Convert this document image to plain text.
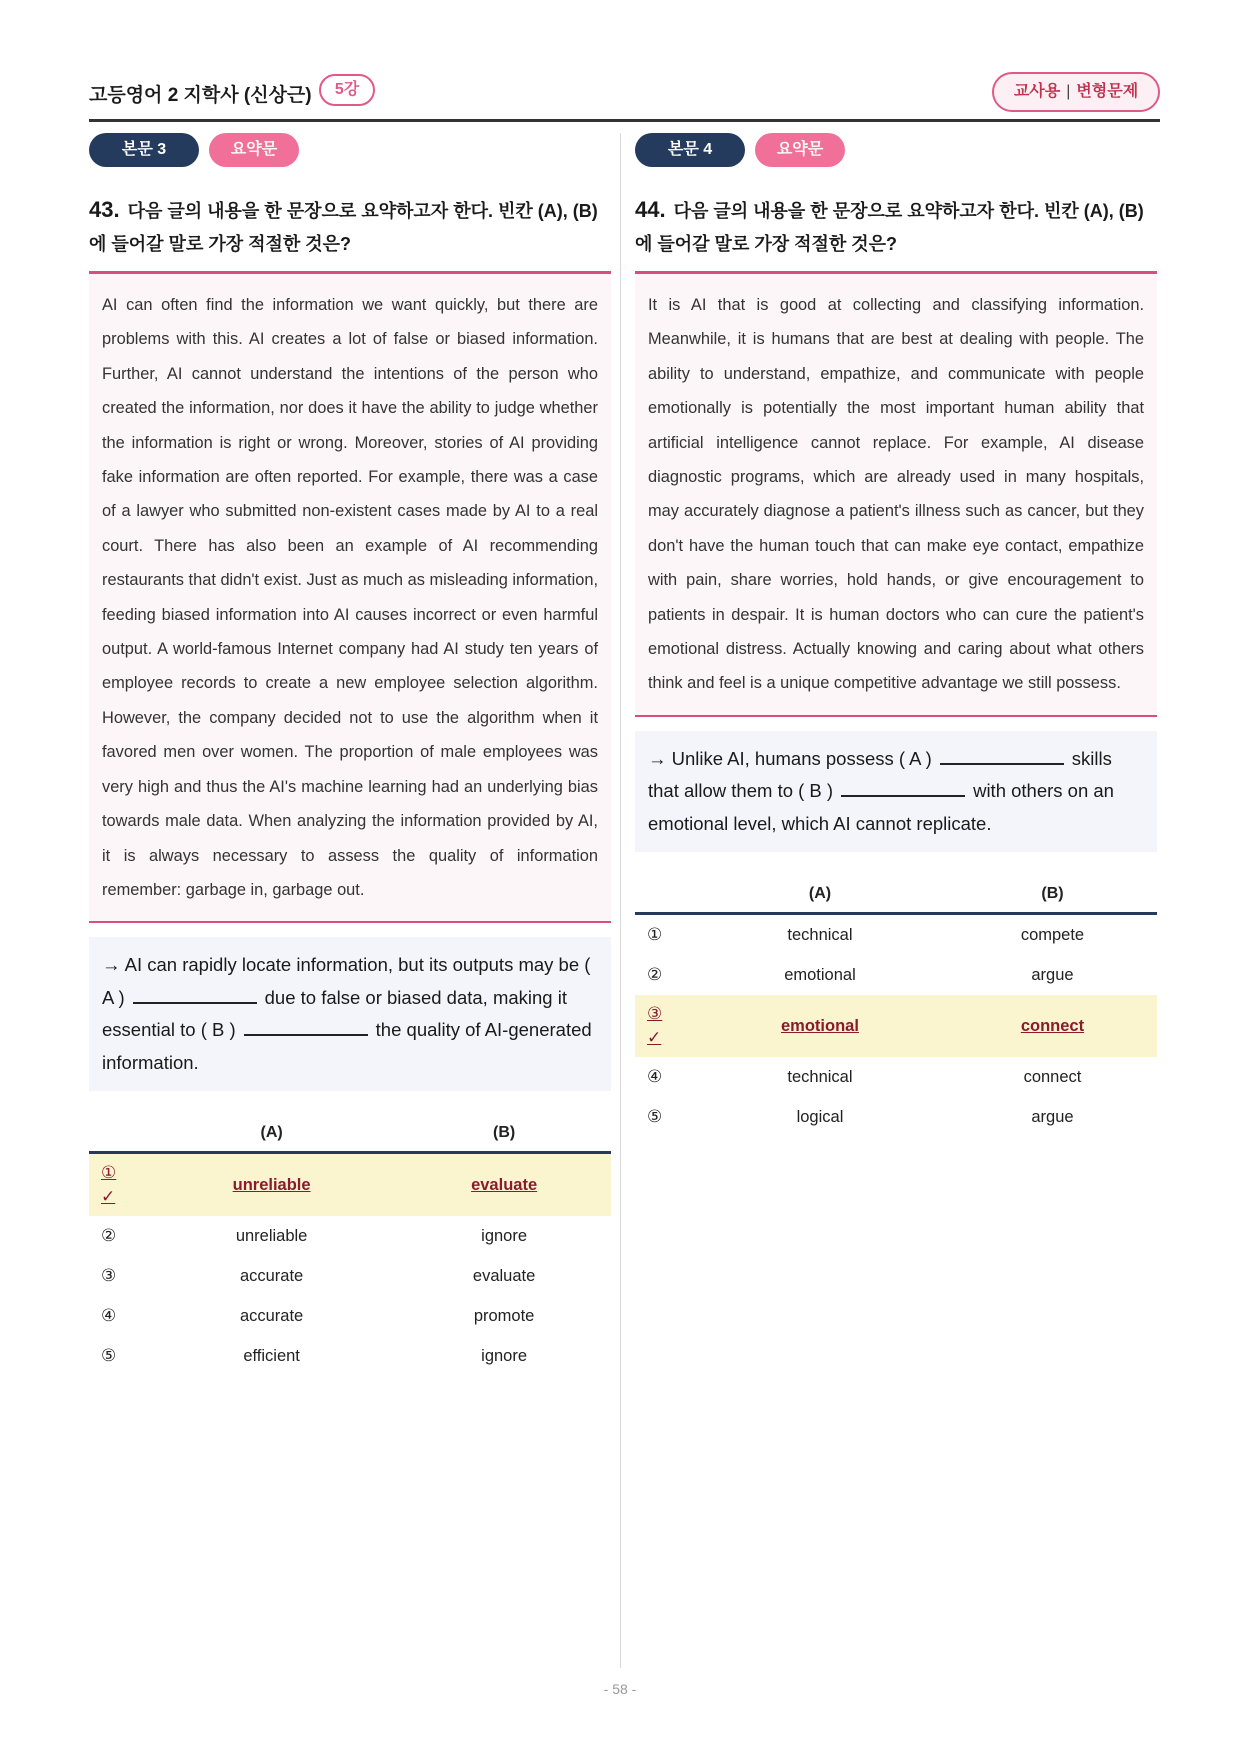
고등영어 2 지학사 (신상근)	5강	교사용 | 변형문제
본문 3	요약문
43. 다음 글의 내용을 한 문장으로 요약하고자 한다. 빈칸 (A), (B)에 들어갈 말로 가장 적절한 것은?
AI can often find the information we want quickly, but there are problems with this. AI creates a lot of false or biased information. Further, AI cannot understand the intentions of the person who created the information, nor does it have the ability to judge whether the information is right or wrong. Moreover, stories of AI providing fake information are often reported. For example, there was a case of a lawyer who submitted non-existent cases made by AI to a real court. There has also been an example of AI recommending restaurants that didn't exist. Just as much as misleading information, feeding biased information into AI causes incorrect or even harmful output. A world-famous Internet company had AI study ten years of employee records to create a new employee selection algorithm. However, the company decided not to use the algorithm when it favored men over women. The proportion of male employees was very high and thus the AI's machine learning had an underlying bias towards male data. When analyzing the information provided by AI, it is always necessary to assess the quality of information remember: garbage in, garbage out.
→ AI can rapidly locate information, but its outputs may be ( A )	due to false or biased data, making it essential to ( B )	the quality of AI-generated information.
	(A)	(B)
①
✓	unreliable	evaluate
②	unreliable	ignore
③	accurate	evaluate
④	accurate	promote
⑤	efficient	ignore
본문 4	요약문
44. 다음 글의 내용을 한 문장으로 요약하고자 한다. 빈칸 (A), (B)에 들어갈 말로 가장 적절한 것은?
It is AI that is good at collecting and classifying information. Meanwhile, it is humans that are best at dealing with people. The ability to understand, empathize, and communicate with people emotionally is potentially the most important human ability that artificial intelligence cannot replace. For example, AI disease diagnostic programs, which are already used in many hospitals, may accurately diagnose a patient's illness such as cancer, but they don't have the human touch that can make eye contact, empathize with pain, share worries, hold hands, or give encouragement to patients in despair. It is human doctors who can cure the patient's emotional distress. Actually knowing and caring about what others think and feel is a unique competitive advantage we still possess.
→ Unlike AI, humans possess ( A )	skills that allow them to ( B )	with others on an emotional level, which AI cannot replicate.
	(A)	(B)
①	technical	compete
②	emotional	argue
③
✓	emotional	connect
④	technical	connect
⑤	logical	argue
- 58 -
